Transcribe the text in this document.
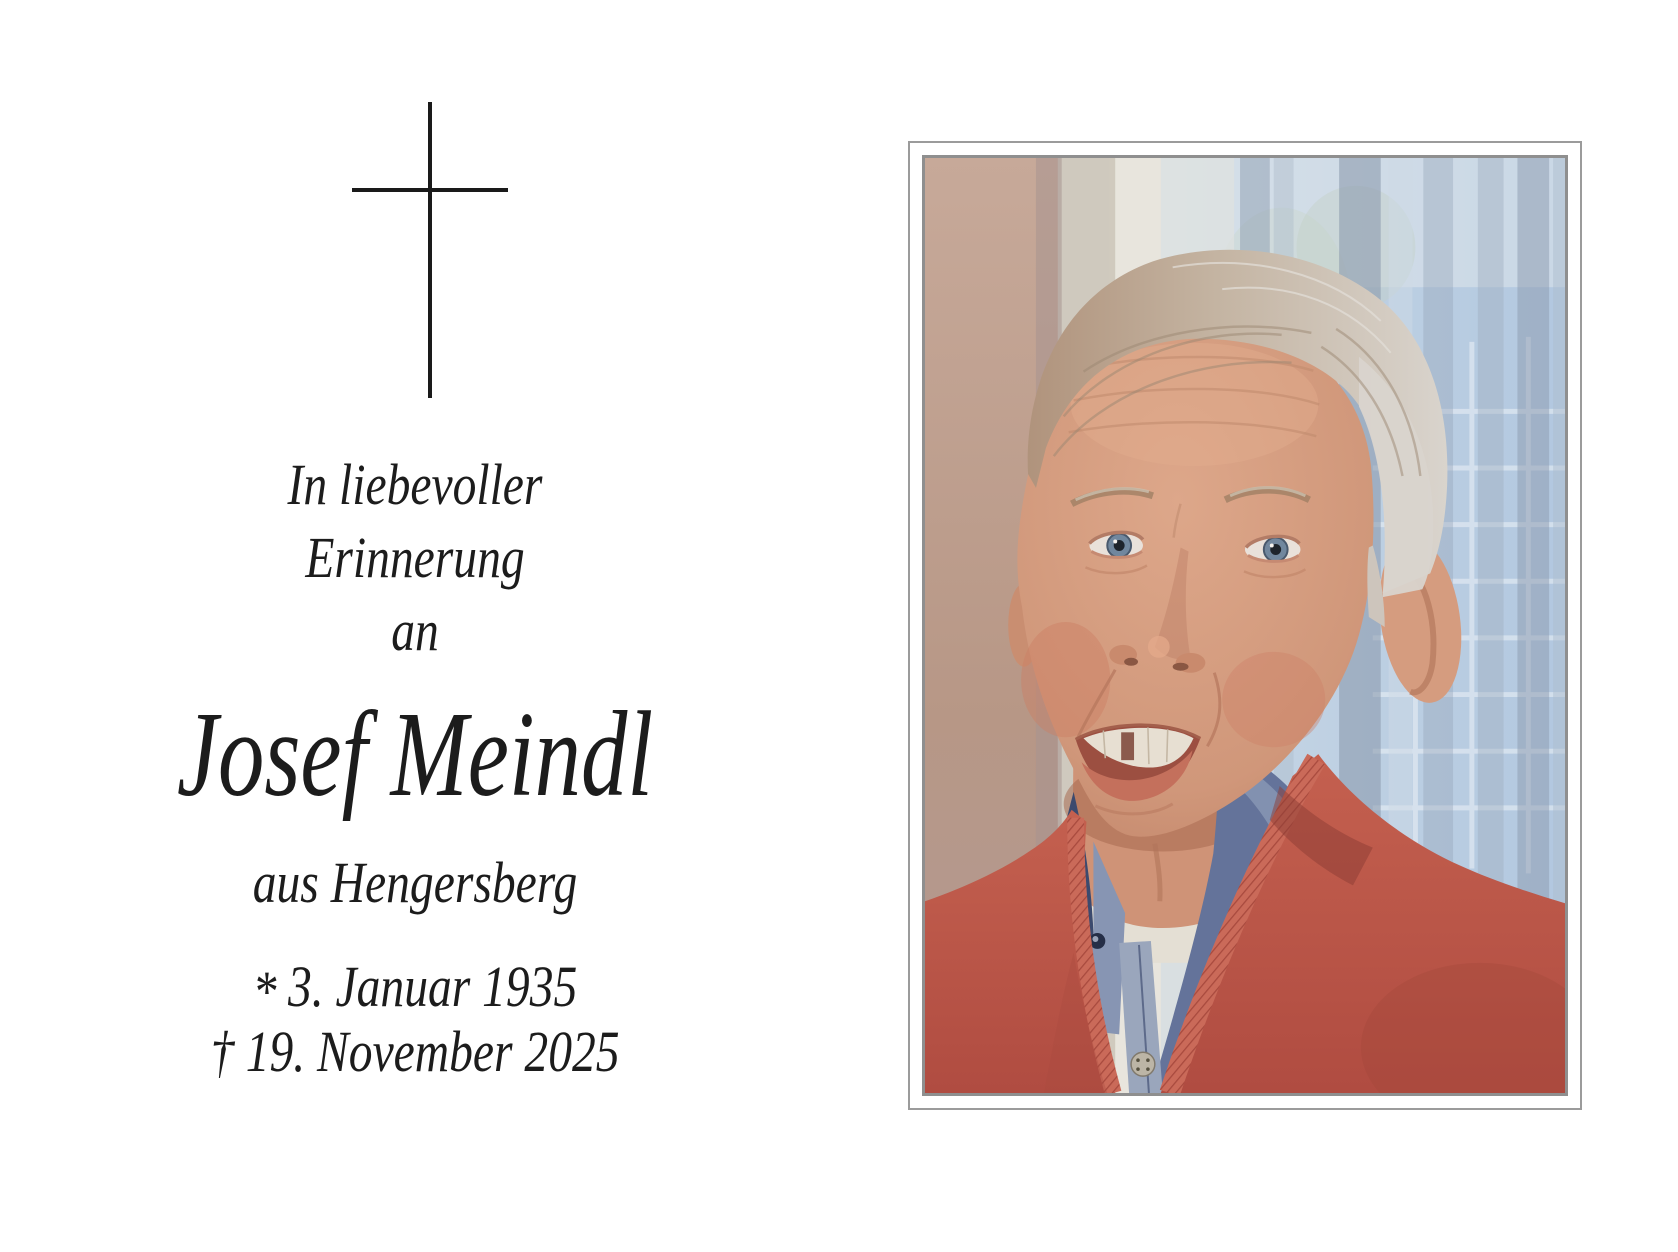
In liebevoller
Erinnerung
an
Josef Meindl
aus Hengersberg
* 3. Januar 1935
† 19. November 2025
